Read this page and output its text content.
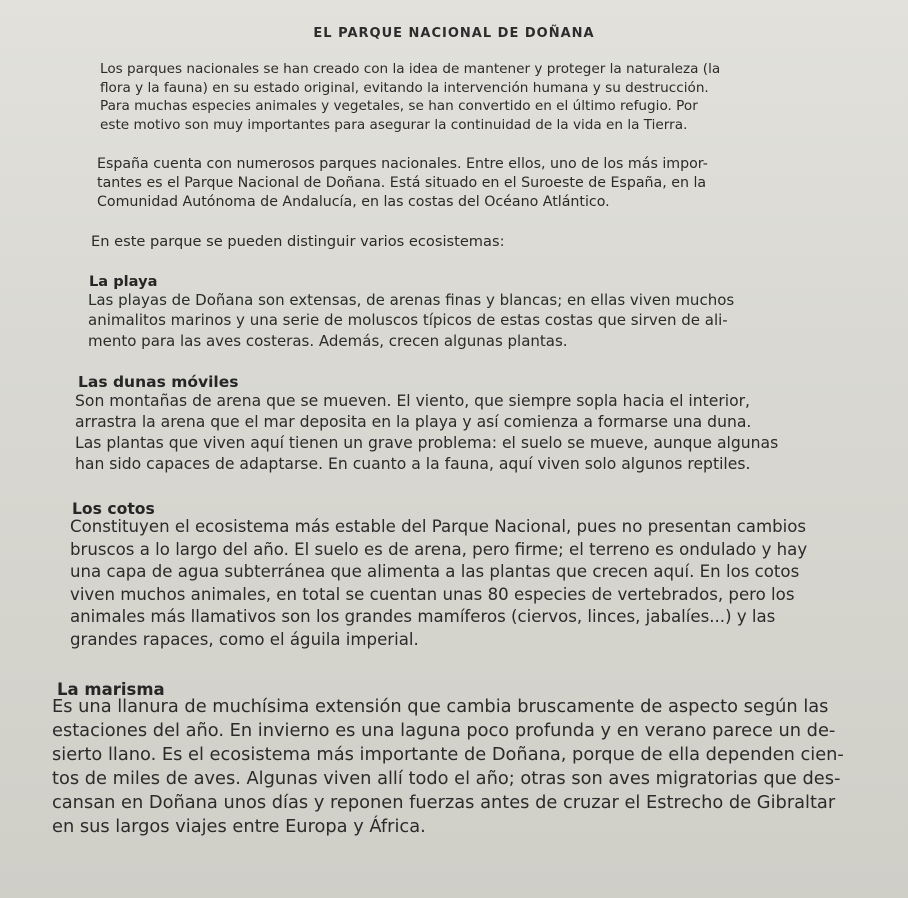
EL PARQUE NACIONAL DE DOÑANA

Los parques nacionales se han creado con la idea de mantener y proteger la naturaleza (la
flora y la fauna) en su estado original, evitando la intervención humana y su destrucción.
Para muchas especies animales y vegetales, se han convertido en el último refugio. Por
este motivo son muy importantes para asegurar la continuidad de la vida en la Tierra.

España cuenta con numerosos parques nacionales. Entre ellos, uno de los más impor-
tantes es el Parque Nacional de Doñana. Está situado en el Suroeste de España, en la
Comunidad Autónoma de Andalucía, en las costas del Océano Atlántico.

En este parque se pueden distinguir varios ecosistemas:

La playa

Las playas de Doñana son extensas, de arenas finas y blancas; en ellas viven muchos
animalitos marinos y una serie de moluscos típicos de estas costas que sirven de ali-
mento para las aves costeras. Además, crecen algunas plantas.

Las dunas móviles

Son montañas de arena que se mueven. El viento, que siempre sopla hacia el interior,
arrastra la arena que el mar deposita en la playa y así comienza a formarse una duna.
Las plantas que viven aquí tienen un grave problema: el suelo se mueve, aunque algunas
han sido capaces de adaptarse. En cuanto a la fauna, aquí viven solo algunos reptiles.

Los cotos

Constituyen el ecosistema más estable del Parque Nacional, pues no presentan cambios
bruscos a lo largo del año. El suelo es de arena, pero firme; el terreno es ondulado y hay
una capa de agua subterránea que alimenta a las plantas que crecen aquí. En los cotos
viven muchos animales, en total se cuentan unas 80 especies de vertebrados, pero los
animales más llamativos son los grandes mamíferos (ciervos, linces, jabalíes...) y las
grandes rapaces, como el águila imperial.

La marisma

Es una llanura de muchísima extensión que cambia bruscamente de aspecto según las
estaciones del año. En invierno es una laguna poco profunda y en verano parece un de-
sierto llano. Es el ecosistema más importante de Doñana, porque de ella dependen cien-
tos de miles de aves. Algunas viven allí todo el año; otras son aves migratorias que des-
cansan en Doñana unos días y reponen fuerzas antes de cruzar el Estrecho de Gibraltar
en sus largos viajes entre Europa y África.
